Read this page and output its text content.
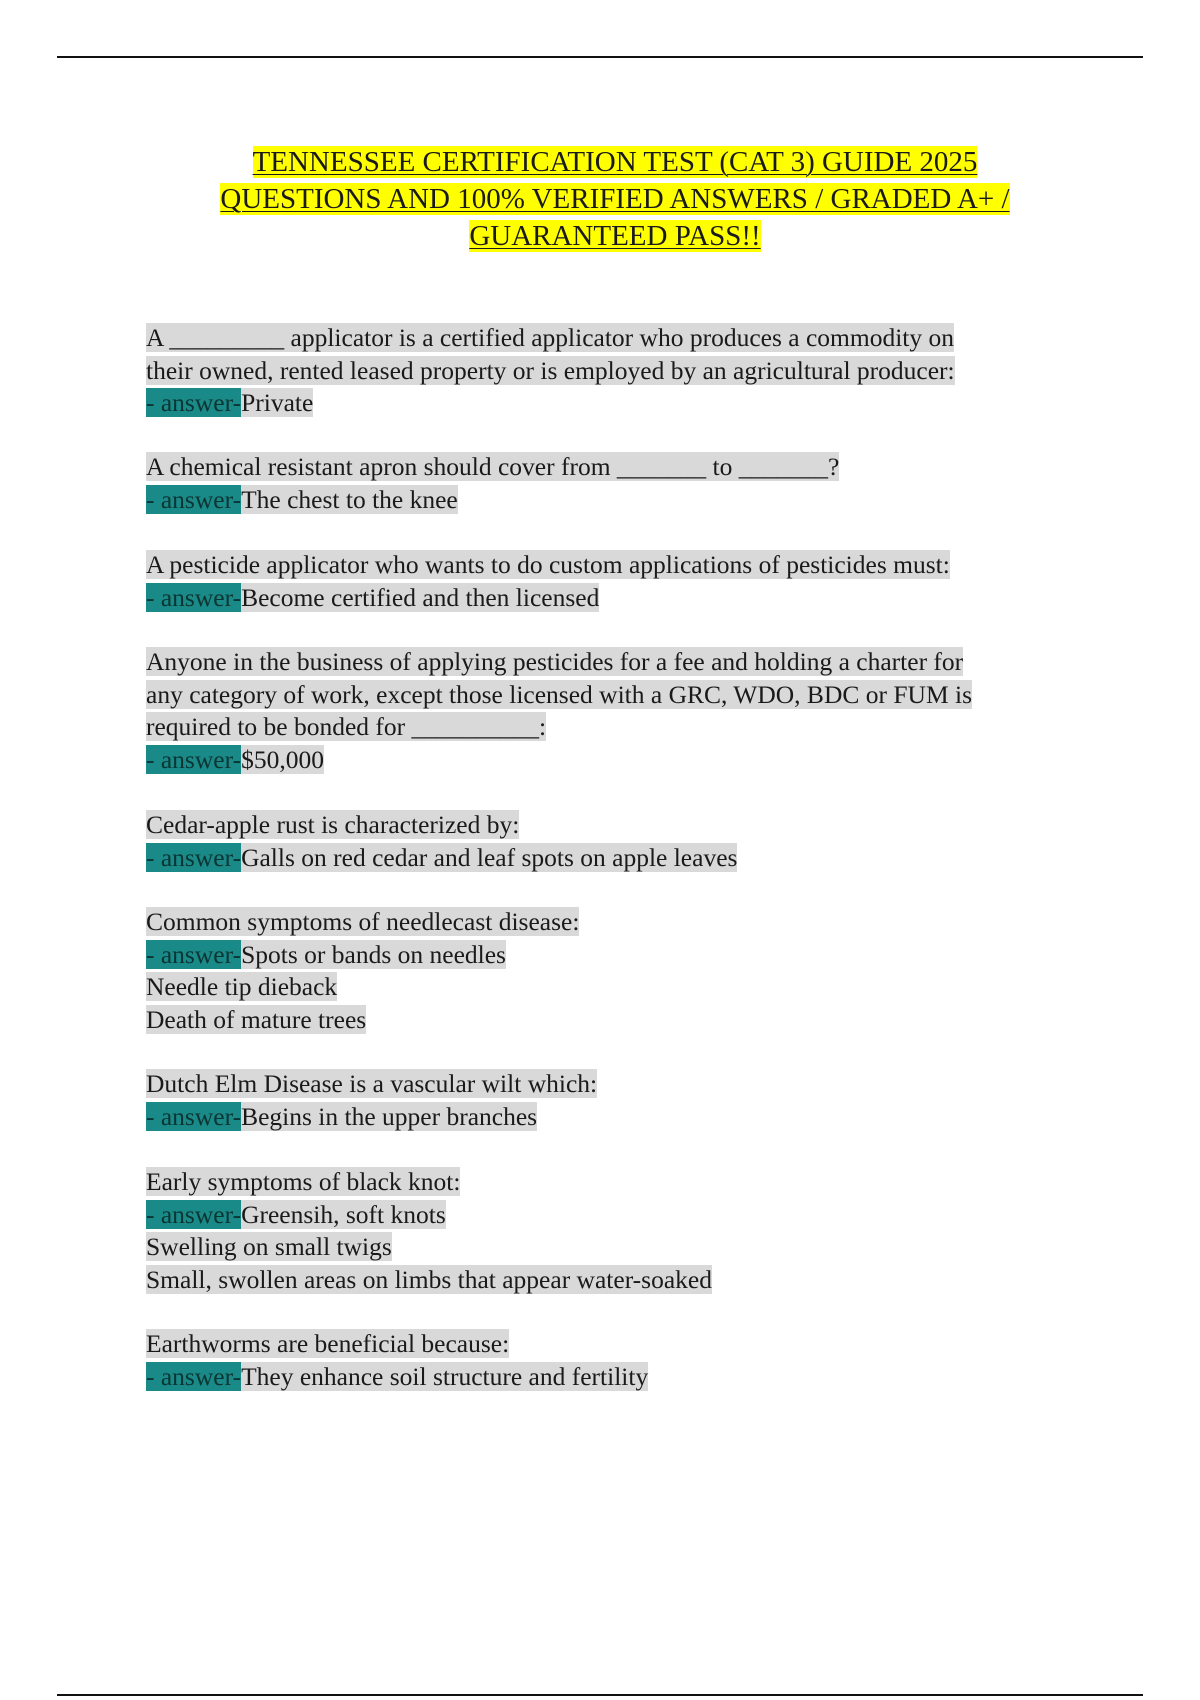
TENNESSEE CERTIFICATION TEST (CAT 3) GUIDE 2025
QUESTIONS AND 100% VERIFIED ANSWERS / GRADED A+ /
GUARANTEED PASS!!
A _________ applicator is a certified applicator who produces a commodity on
their owned, rented leased property or is employed by an agricultural producer:
- answer-Private
A chemical resistant apron should cover from _______ to _______?
- answer-The chest to the knee
A pesticide applicator who wants to do custom applications of pesticides must:
- answer-Become certified and then licensed
Anyone in the business of applying pesticides for a fee and holding a charter for
any category of work, except those licensed with a GRC, WDO, BDC or FUM is
required to be bonded for __________:
- answer-$50,000
Cedar-apple rust is characterized by:
- answer-Galls on red cedar and leaf spots on apple leaves
Common symptoms of needlecast disease:
- answer-Spots or bands on needles
Needle tip dieback
Death of mature trees
Dutch Elm Disease is a vascular wilt which:
- answer-Begins in the upper branches
Early symptoms of black knot:
- answer-Greensih, soft knots
Swelling on small twigs
Small, swollen areas on limbs that appear water-soaked
Earthworms are beneficial because:
- answer-They enhance soil structure and fertility
